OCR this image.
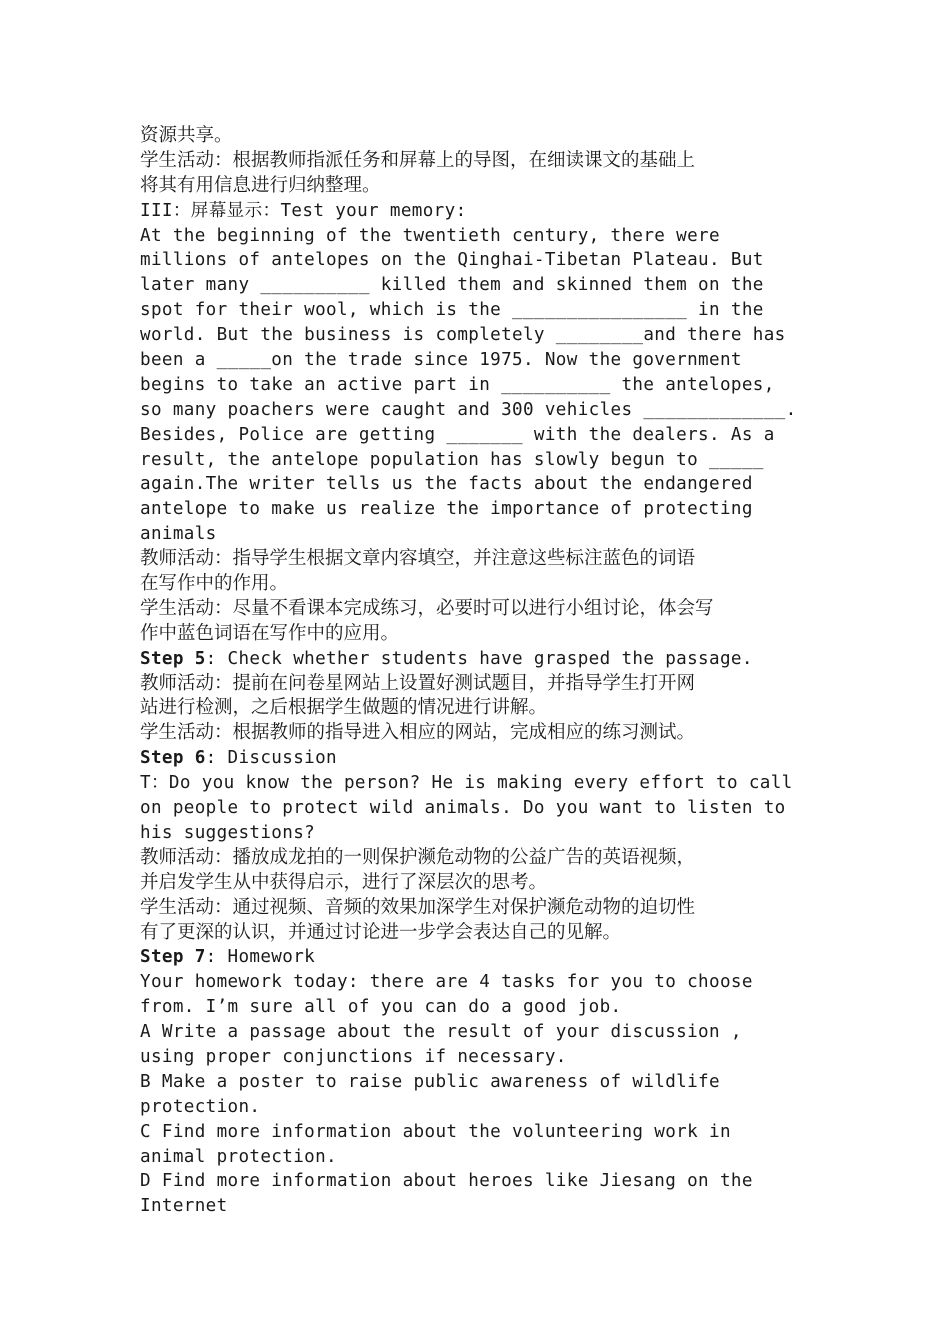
资源共享。
学生活动：根据教师指派任务和屏幕上的导图，在细读课文的基础上
将其有用信息进行归纳整理。
III：屏幕显示：Test your memory:
At the beginning of the twentieth century, there were
millions of antelopes on the Qinghai-Tibetan Plateau. But
later many __________ killed them and skinned them on the
spot for their wool, which is the ________________ in the
world. But the business is completely ________and there has
been a _____on the trade since 1975. Now the government
begins to take an active part in __________ the antelopes,
so many poachers were caught and 300 vehicles _____________.
Besides, Police are getting _______ with the dealers. As a
result, the antelope population has slowly begun to _____
again.The writer tells us the facts about the endangered
antelope to make us realize the importance of protecting
animals
教师活动：指导学生根据文章内容填空，并注意这些标注蓝色的词语
在写作中的作用。
学生活动：尽量不看课本完成练习，必要时可以进行小组讨论，体会写
作中蓝色词语在写作中的应用。
Step 5: Check whether students have grasped the passage.
教师活动：提前在问卷星网站上设置好测试题目，并指导学生打开网
站进行检测，之后根据学生做题的情况进行讲解。
学生活动：根据教师的指导进入相应的网站，完成相应的练习测试。
Step 6: Discussion
T：Do you know the person? He is making every effort to call
on people to protect wild animals. Do you want to listen to
his suggestions?
教师活动：播放成龙拍的一则保护濒危动物的公益广告的英语视频，
并启发学生从中获得启示，进行了深层次的思考。
学生活动：通过视频、音频的效果加深学生对保护濒危动物的迫切性
有了更深的认识，并通过讨论进一步学会表达自己的见解。
Step 7: Homework
Your homework today: there are 4 tasks for you to choose
from. I’m sure all of you can do a good job.
A Write a passage about the result of your discussion ,
using proper conjunctions if necessary.
B Make a poster to raise public awareness of wildlife
protection.
C Find more information about the volunteering work in
animal protection.
D Find more information about heroes like Jiesang on the
Internet
